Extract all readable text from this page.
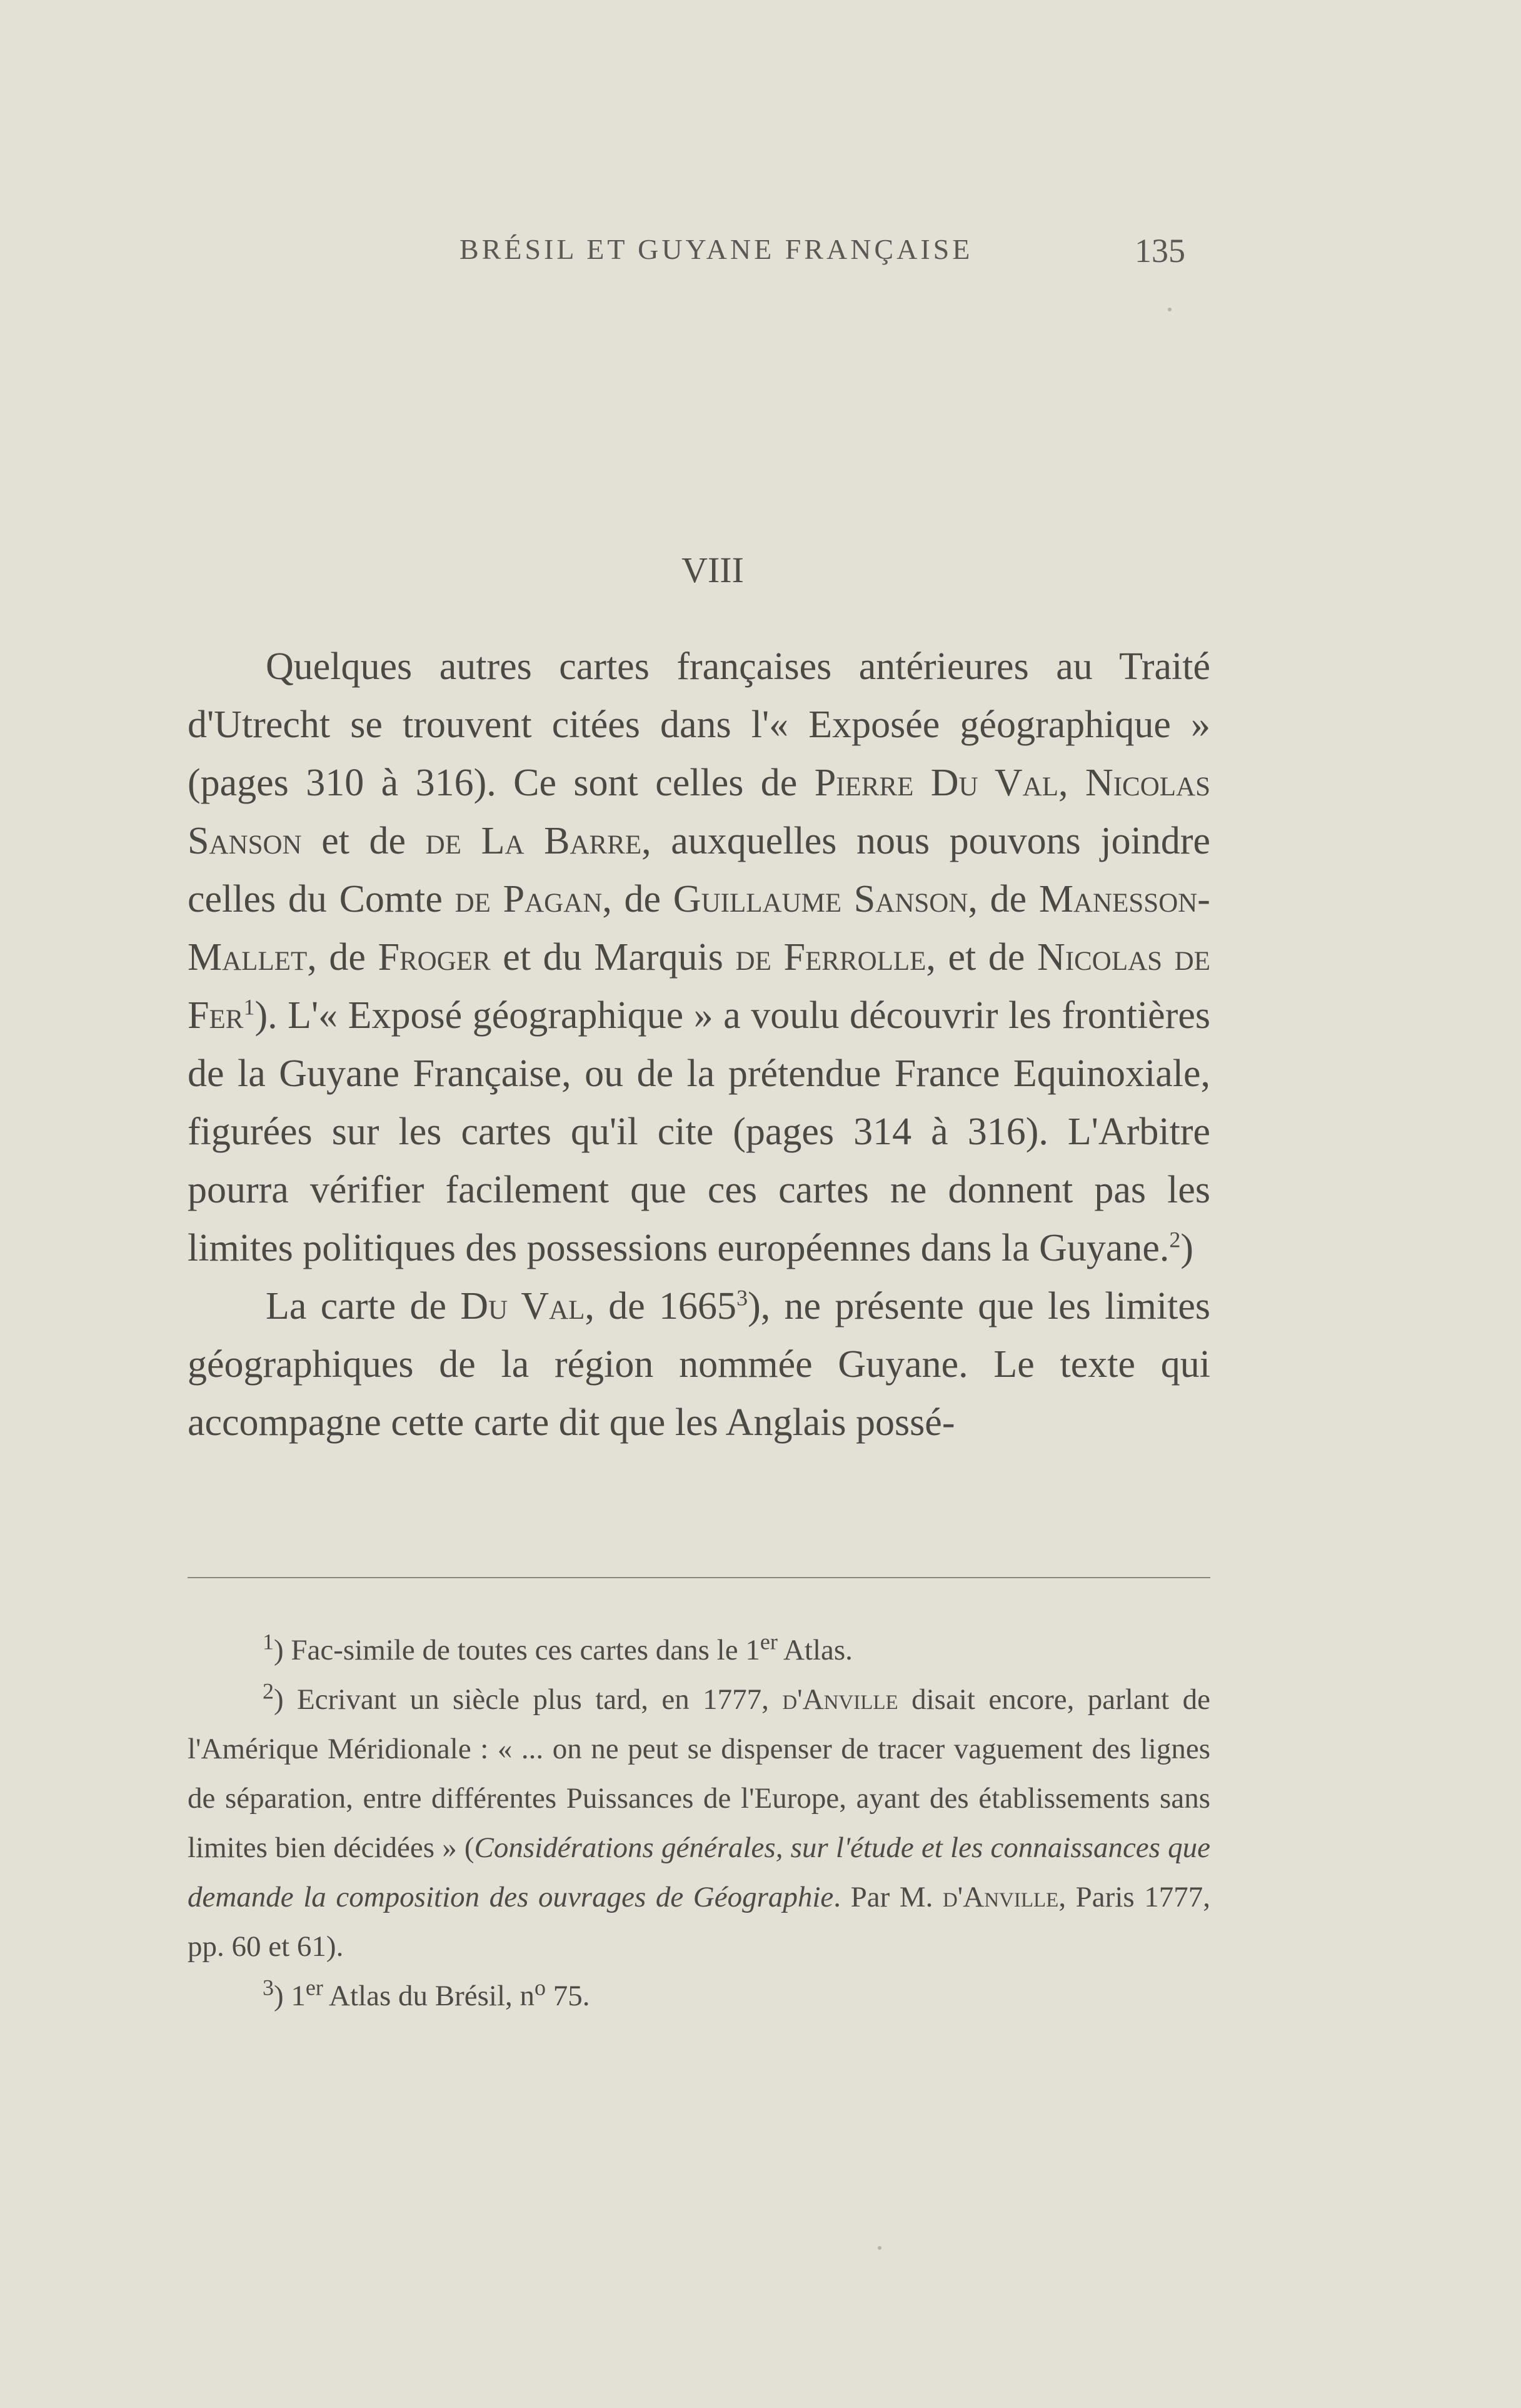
BRÉSIL ET GUYANE FRANÇAISE	135
VIII

Quelques autres cartes françaises antérieures au Traité d'Utrecht se trouvent citées dans l'« Exposée géographique » (pages 310 à 316). Ce sont celles de Pierre Du Val, Nicolas Sanson et de de La Barre, auxquelles nous pouvons joindre celles du Comte de Pagan, de Guillaume Sanson, de Manesson-Mallet, de Froger et du Marquis de Ferrolle, et de Nicolas de Fer$^1$). L'« Exposé géographique » a voulu découvrir les frontières de la Guyane Française, ou de la prétendue France Equinoxiale, figurées sur les cartes qu'il cite (pages 314 à 316). L'Arbitre pourra vérifier facilement que ces cartes ne donnent pas les limites politiques des possessions européennes dans la Guyane.$^2$)

La carte de Du Val, de 1665$^3$), ne présente que les limites géographiques de la région nommée Guyane. Le texte qui accompagne cette carte dit que les Anglais possé-

$^1$) Fac-simile de toutes ces cartes dans le 1er Atlas.

$^2$) Ecrivant un siècle plus tard, en 1777, d'Anville disait encore, parlant de l'Amérique Méridionale : « ... on ne peut se dispenser de tracer vaguement des lignes de séparation, entre différentes Puissances de l'Europe, ayant des établissements sans limites bien décidées » (Considérations générales, sur l'étude et les connaissances que demande la composition des ouvrages de Géographie. Par M. d'Anville, Paris 1777, pp. 60 et 61).

$^3$) 1er Atlas du Brésil, $n^o$ 75.
